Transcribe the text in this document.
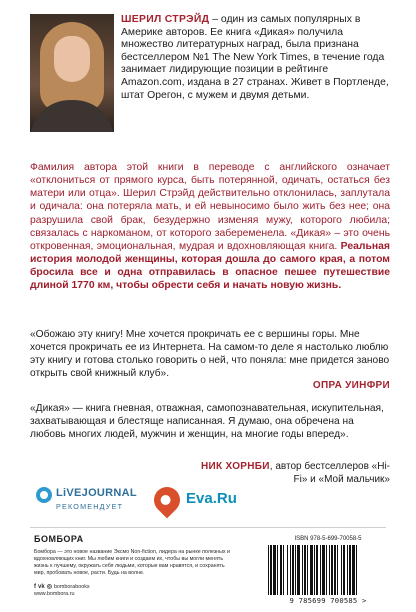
ШЕРИЛ СТРЭЙД – один из самых популярных в Америке авторов. Ее книга «Дикая» получила множество литературных наград, была признана бестселлером №1 The New York Times, в течение года занимает лидирующие позиции в рейтинге Amazon.com, издана в 27 странах. Живет в Портленде, штат Орегон, с мужем и двумя детьми.
Фамилия автора этой книги в переводе с английского означает «отклониться от прямого курса, быть потерянной, одичать, остаться без матери или отца». Шерил Стрэйд действительно отклонилась, заплутала и одичала: она потеряла мать, и ей невыносимо было жить без нее; она разрушила свой брак, безудержно изменяя мужу, которого любила; связалась с наркоманом, от которого забеременела. «Дикая» – это очень откровенная, эмоциональная, мудрая и вдохновляющая книга. Реальная история молодой женщины, которая дошла до самого края, а потом бросила все и одна отправилась в опасное пешее путешествие длиной 1770 км, чтобы обрести себя и начать новую жизнь.
«Обожаю эту книгу! Мне хочется прокричать ее с вершины горы. Мне хочется прокричать ее из Интернета. На самом-то деле я настолько люблю эту книгу и готова столько говорить о ней, что поняла: мне придется заново открыть свой книжный клуб».
ОПРА УИНФРИ
«Дикая» — книга гневная, отважная, самопознавательная, искупительная, захватывающая и блестяще написанная. Я думаю, она обречена на любовь многих людей, мужчин и женщин, на многие годы вперед».
НИК ХОРНБИ, автор бестселлеров «Hi-Fi» и «Мой мальчик»
LiVEJOURNAL
РЕКОМЕНДУЕТ	Eva.Ru
БОМБОРА
Бомбора — это новое название Эксмо Non-fiction, лидера на рынке полезных и вдохновляющих книг. Мы любим книги и создаем их, чтобы вы могли менять жизнь к лучшему, окружать себя людьми, которые вам нравятся, и сохранять мир, пробовать новое, расти. Будь на волне.
f vk ◎ bomborabooks
www.bombora.ru
ISBN 978-5-699-70058-5
9 785699 700585 >
